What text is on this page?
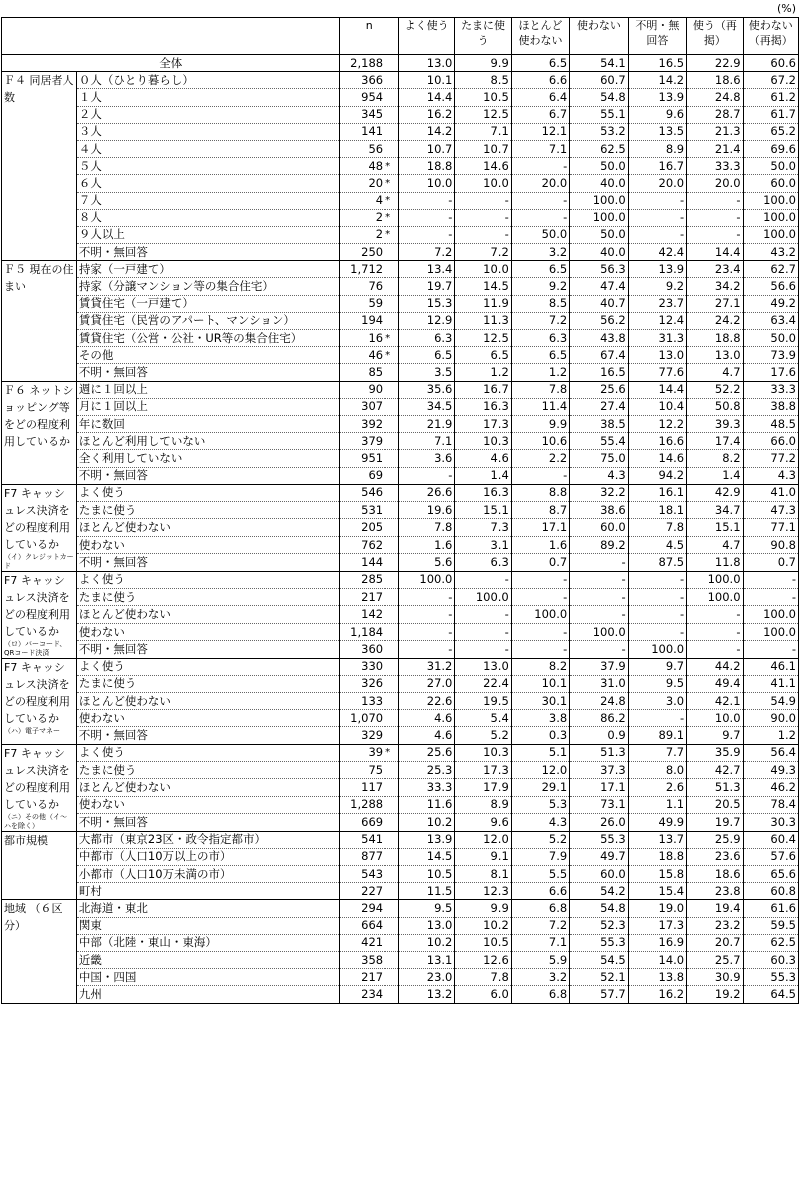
(%)
		n		よく使う	たまに使う	ほとんど使わない	使わない	不明・無回答	使う（再掲）	使わない（再掲）
全体		2,188		13.0	9.9	6.5	54.1	16.5	22.9	60.6
Ｆ４ 同居者人数	０人（ひとり暮らし）	366		10.1	8.5	6.6	60.7	14.2	18.6	67.2
	１人	954		14.4	10.5	6.4	54.8	13.9	24.8	61.2
	２人	345		16.2	12.5	6.7	55.1	9.6	28.7	61.7
	３人	141		14.2	7.1	12.1	53.2	13.5	21.3	65.2
	４人	56		10.7	10.7	7.1	62.5	8.9	21.4	69.6
	５人	48	*	18.8	14.6	-	50.0	16.7	33.3	50.0
	６人	20	*	10.0	10.0	20.0	40.0	20.0	20.0	60.0
	７人	4	*	-	-	-	100.0	-	-	100.0
	８人	2	*	-	-	-	100.0	-	-	100.0
	９人以上	2	*	-	-	50.0	50.0	-	-	100.0
	不明・無回答	250		7.2	7.2	3.2	40.0	42.4	14.4	43.2
Ｆ５ 現在の住まい	持家（一戸建て）	1,712		13.4	10.0	6.5	56.3	13.9	23.4	62.7
	持家（分譲マンション等の集合住宅）	76		19.7	14.5	9.2	47.4	9.2	34.2	56.6
	賃貸住宅（一戸建て）	59		15.3	11.9	8.5	40.7	23.7	27.1	49.2
	賃貸住宅（民営のアパート、マンション）	194		12.9	11.3	7.2	56.2	12.4	24.2	63.4
	賃貸住宅（公営・公社・UR等の集合住宅）	16	*	6.3	12.5	6.3	43.8	31.3	18.8	50.0
	その他	46	*	6.5	6.5	6.5	67.4	13.0	13.0	73.9
	不明・無回答	85		3.5	1.2	1.2	16.5	77.6	4.7	17.6
Ｆ６ ネットショッピング等をどの程度利用しているか	週に１回以上	90		35.6	16.7	7.8	25.6	14.4	52.2	33.3
	月に１回以上	307		34.5	16.3	11.4	27.4	10.4	50.8	38.8
	年に数回	392		21.9	17.3	9.9	38.5	12.2	39.3	48.5
	ほとんど利用していない	379		7.1	10.3	10.6	55.4	16.6	17.4	66.0
	全く利用していない	951		3.6	4.6	2.2	75.0	14.6	8.2	77.2
	不明・無回答	69		-	1.4	-	4.3	94.2	1.4	4.3
F7 キャッシュレス決済をどの程度利用しているか
（イ）クレジットカード	よく使う	546		26.6	16.3	8.8	32.2	16.1	42.9	41.0
	たまに使う	531		19.6	15.1	8.7	38.6	18.1	34.7	47.3
	ほとんど使わない	205		7.8	7.3	17.1	60.0	7.8	15.1	77.1
	使わない	762		1.6	3.1	1.6	89.2	4.5	4.7	90.8
	不明・無回答	144		5.6	6.3	0.7	-	87.5	11.8	0.7
F7 キャッシュレス決済をどの程度利用しているか
（ロ）バーコード、QRコード決済	よく使う	285		100.0	-	-	-	-	100.0	-
	たまに使う	217		-	100.0	-	-	-	100.0	-
	ほとんど使わない	142		-	-	100.0	-	-	-	100.0
	使わない	1,184		-	-	-	100.0	-	-	100.0
	不明・無回答	360		-	-	-	-	100.0	-	-
F7 キャッシュレス決済をどの程度利用しているか
（ハ）電子マネー	よく使う	330		31.2	13.0	8.2	37.9	9.7	44.2	46.1
	たまに使う	326		27.0	22.4	10.1	31.0	9.5	49.4	41.1
	ほとんど使わない	133		22.6	19.5	30.1	24.8	3.0	42.1	54.9
	使わない	1,070		4.6	5.4	3.8	86.2	-	10.0	90.0
	不明・無回答	329		4.6	5.2	0.3	0.9	89.1	9.7	1.2
F7 キャッシュレス決済をどの程度利用しているか
（ニ）その他（イ～ハを除く）	よく使う	39	*	25.6	10.3	5.1	51.3	7.7	35.9	56.4
	たまに使う	75		25.3	17.3	12.0	37.3	8.0	42.7	49.3
	ほとんど使わない	117		33.3	17.9	29.1	17.1	2.6	51.3	46.2
	使わない	1,288		11.6	8.9	5.3	73.1	1.1	20.5	78.4
	不明・無回答	669		10.2	9.6	4.3	26.0	49.9	19.7	30.3
都市規模	大都市（東京23区・政令指定都市）	541		13.9	12.0	5.2	55.3	13.7	25.9	60.4
	中都市（人口10万以上の市）	877		14.5	9.1	7.9	49.7	18.8	23.6	57.6
	小都市（人口10万未満の市）	543		10.5	8.1	5.5	60.0	15.8	18.6	65.6
	町村	227		11.5	12.3	6.6	54.2	15.4	23.8	60.8
地域 （６区分）	北海道・東北	294		9.5	9.9	6.8	54.8	19.0	19.4	61.6
	関東	664		13.0	10.2	7.2	52.3	17.3	23.2	59.5
	中部（北陸・東山・東海）	421		10.2	10.5	7.1	55.3	16.9	20.7	62.5
	近畿	358		13.1	12.6	5.9	54.5	14.0	25.7	60.3
	中国・四国	217		23.0	7.8	3.2	52.1	13.8	30.9	55.3
	九州	234		13.2	6.0	6.8	57.7	16.2	19.2	64.5
